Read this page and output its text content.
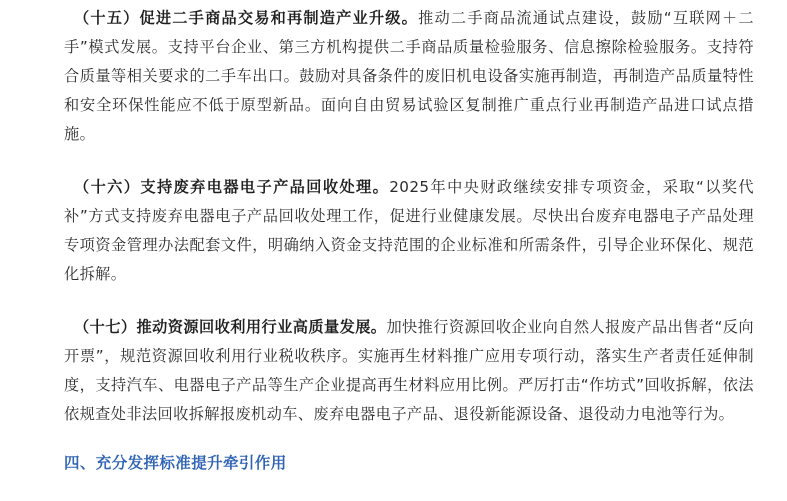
（十五）促进二手商品交易和再制造产业升级。推动二手商品流通试点建设，鼓励“互联网＋二手”模式发展。支持平台企业、第三方机构提供二手商品质量检验服务、信息擦除检验服务。支持符合质量等相关要求的二手车出口。鼓励对具备条件的废旧机电设备实施再制造，再制造产品质量特性和安全环保性能应不低于原型新品。面向自由贸易试验区复制推广重点行业再制造产品进口试点措施。

（十六）支持废弃电器电子产品回收处理。2025年中央财政继续安排专项资金，采取“以奖代补”方式支持废弃电器电子产品回收处理工作，促进行业健康发展。尽快出台废弃电器电子产品处理专项资金管理办法配套文件，明确纳入资金支持范围的企业标准和所需条件，引导企业环保化、规范化拆解。

（十七）推动资源回收利用行业高质量发展。加快推行资源回收企业向自然人报废产品出售者“反向开票”，规范资源回收利用行业税收秩序。实施再生材料推广应用专项行动，落实生产者责任延伸制度，支持汽车、电器电子产品等生产企业提高再生材料应用比例。严厉打击“作坊式”回收拆解，依法依规查处非法回收拆解报废机动车、废弃电器电子产品、退役新能源设备、退役动力电池等行为。

四、充分发挥标准提升牵引作用
